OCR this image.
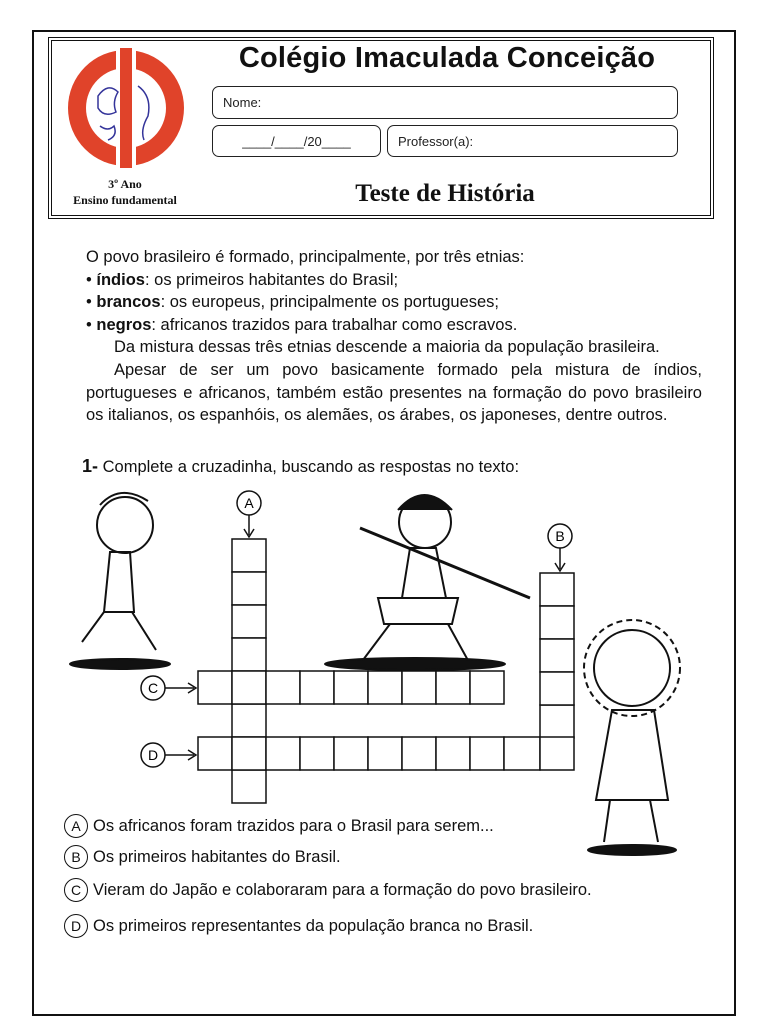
3º Ano
Ensino fundamental
Colégio Imaculada Conceição
Nome:
____/____/20____	Professor(a):
Teste de História

O povo brasileiro é formado, principalmente, por três etnias:

• índios: os primeiros habitantes do Brasil;

• brancos: os europeus, principalmente os portugueses;

• negros: africanos trazidos para trabalhar como escravos.

Da mistura dessas três etnias descende a maioria da população brasileira.

Apesar de ser um povo basicamente formado pela mistura de índios, portugueses e africanos, também estão presentes na formação do povo brasileiro os italianos, os espanhóis, os alemães, os árabes, os japoneses, dentre outros.

1- Complete a cruzadinha, buscando as respostas no texto:
A
B
C
D
A Os africanos foram trazidos para o Brasil para serem...
B Os primeiros habitantes do Brasil.
C Vieram do Japão e colaboraram para a formação do povo brasileiro.
D Os primeiros representantes da população branca no Brasil.
